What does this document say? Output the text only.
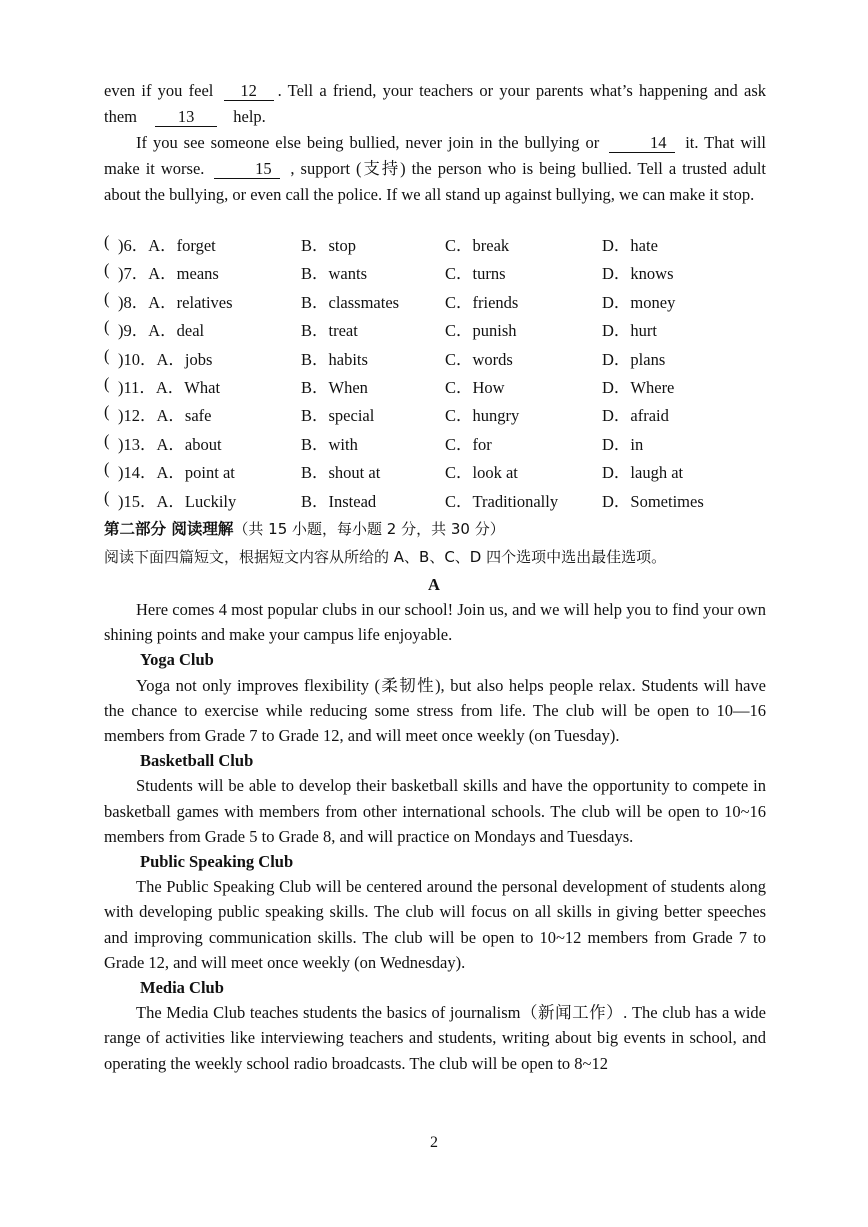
even if you feel 12 . Tell a friend, your teachers or your parents what’s happening and ask them 13 help.

If you see someone else being bullied, never join in the bullying or	14 it. That will make it worse.	15 , support (支持) the person who is being bullied. Tell a trusted adult about the bullying, or even call the police. If we all stand up against bullying, we can make it stop.

( )6．A．forget	B．stop	C．break	D．hate
( )7．A．means	B．wants	C．turns	D．knows
( )8．A．relatives	B．classmates	C．friends	D．money
( )9．A．deal	B．treat	C．punish	D．hurt
( )10．A．jobs	B．habits	C．words	D．plans
( )11．A．What	B．When	C．How	D．Where
( )12．A．safe	B．special	C．hungry	D．afraid
( )13．A．about	B．with	C．for	D．in
( )14．A．point at	B．shout at	C．look at	D．laugh at
( )15．A．Luckily	B．Instead	C．Traditionally	D．Sometimes
第二部分 阅读理解（共 15 小题，每小题 2 分，共 30 分）
阅读下面四篇短文，根据短文内容从所给的 A、B、C、D 四个选项中选出最佳选项。
A

Here comes 4 most popular clubs in our school! Join us, and we will help you to find your own shining points and make your campus life enjoyable.

Yoga Club

Yoga not only improves flexibility (柔韧性), but also helps people relax. Students will have the chance to exercise while reducing some stress from life. The club will be open to 10—16 members from Grade 7 to Grade 12, and will meet once weekly (on Tuesday).

Basketball Club

Students will be able to develop their basketball skills and have the opportunity to compete in basketball games with members from other international schools. The club will be open to 10~16 members from Grade 5 to Grade 8, and will practice on Mondays and Tuesdays.

Public Speaking Club

The Public Speaking Club will be centered around the personal development of students along with developing public speaking skills. The club will focus on all skills in giving better speeches and improving communication skills. The club will be open to 10~12 members from Grade 7 to Grade 12, and will meet once weekly (on Wednesday).

Media Club

The Media Club teaches students the basics of journalism（新闻工作）. The club has a wide range of activities like interviewing teachers and students, writing about big events in school, and operating the weekly school radio broadcasts. The club will be open to 8~12

2
